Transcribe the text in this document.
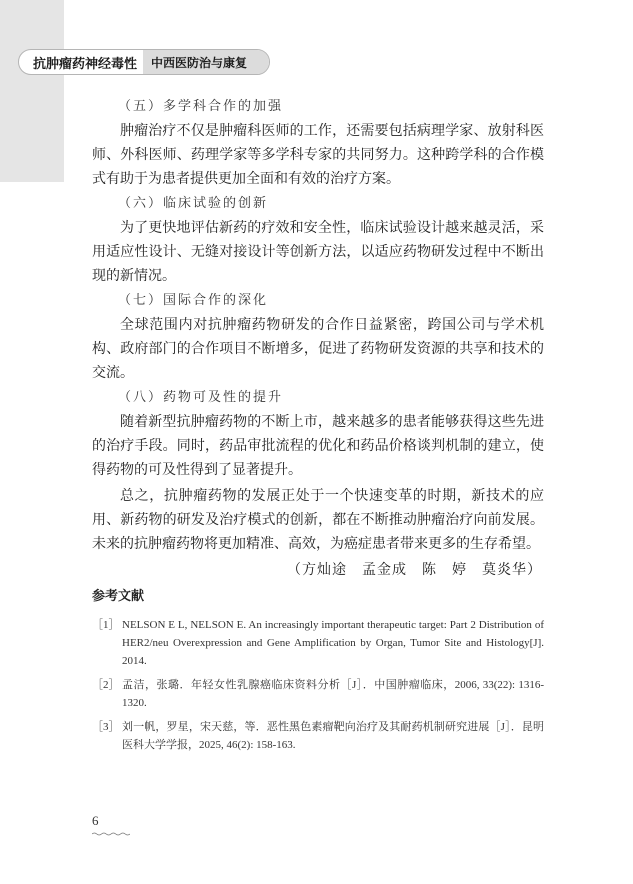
抗肿瘤药神经毒性	中西医防治与康复
（五）多学科合作的加强

肿瘤治疗不仅是肿瘤科医师的工作，还需要包括病理学家、放射科医师、外科医师、药理学家等多学科专家的共同努力。这种跨学科的合作模式有助于为患者提供更加全面和有效的治疗方案。

（六）临床试验的创新

为了更快地评估新药的疗效和安全性，临床试验设计越来越灵活，采用适应性设计、无缝对接设计等创新方法，以适应药物研发过程中不断出现的新情况。

（七）国际合作的深化

全球范围内对抗肿瘤药物研发的合作日益紧密，跨国公司与学术机构、政府部门的合作项目不断增多，促进了药物研发资源的共享和技术的交流。

（八）药物可及性的提升

随着新型抗肿瘤药物的不断上市，越来越多的患者能够获得这些先进的治疗手段。同时，药品审批流程的优化和药品价格谈判机制的建立，使得药物的可及性得到了显著提升。

总之，抗肿瘤药物的发展正处于一个快速变革的时期，新技术的应用、新药物的研发及治疗模式的创新，都在不断推动肿瘤治疗向前发展。未来的抗肿瘤药物将更加精准、高效，为癌症患者带来更多的生存希望。

（方灿途　孟金成　陈　婷　莫炎华）
参考文献
［1］ NELSON E L, NELSON E. An increasingly important therapeutic target: Part 2 Distribution of HER2/neu Overexpression and Gene Amplification by Organ, Tumor Site and Histology[J]. 2014.
［2］ 孟洁，张璐．年轻女性乳腺癌临床资料分析［J］．中国肿瘤临床，2006, 33(22): 1316-1320.
［3］ 刘一帆，罗星，宋天慈，等．恶性黑色素瘤靶向治疗及其耐药机制研究进展［J］．昆明医科大学学报，2025, 46(2): 158-163.
6
